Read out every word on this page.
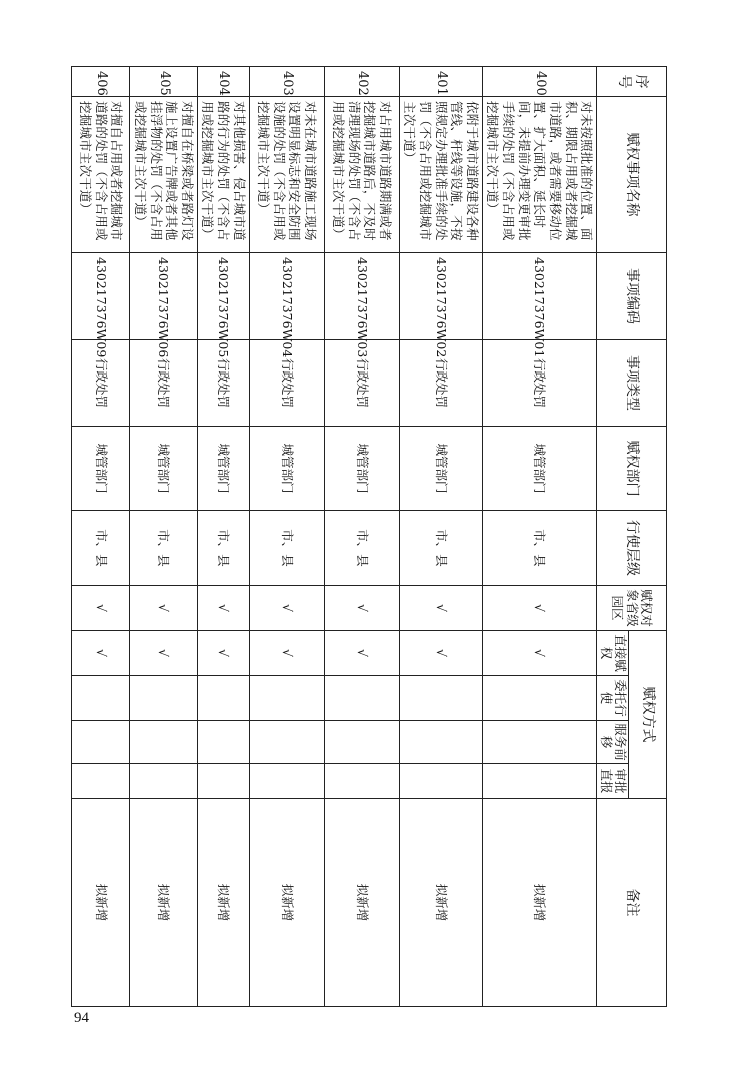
序号	赋权事项名称	事项编码	事项类型	赋权部门	行使层级	赋权对象省级园区	赋权方式				备注
							直接赋权	委托行使	服务前移	审批直报	
400	对未按照批准的位置、面积、期限占用或者挖掘城市道路，或者需要移动位置、扩大面积、延长时间，未提前办理变更审批手续的处罚（不含占用或挖掘城市主次干道）	430217376W01	行政处罚	城管部门	市、县	√	√				拟新增
401	依附于城市道路建设各种管线、杆线等设施，不按照规定办理批准手续的处罚（不含占用或挖掘城市主次干道）	430217376W02	行政处罚	城管部门	市、县	√	√				拟新增
402	对占用城市道路期满或者挖掘城市道路后，不及时清理现场的处罚（不含占用或挖掘城市主次干道）	430217376W03	行政处罚	城管部门	市、县	√	√				拟新增
403	对未在城市道路施工现场设置明显标志和安全防围设施的处罚（不含占用或挖掘城市主次干道）	430217376W04	行政处罚	城管部门	市、县	√	√				拟新增
404	对其他损害、侵占城市道路的行为的处罚（不含占用或挖掘城市主次干道）	430217376W05	行政处罚	城管部门	市、县	√	√				拟新增
405	对擅自在桥梁或者路灯设施上设置广告牌或者其他挂浮物的处罚（不含占用或挖掘城市主次干道）	430217376W06	行政处罚	城管部门	市、县	√	√				拟新增
406	对擅自占用或者挖掘城市道路的处罚（不含占用或挖掘城市主次干道）	430217376W09	行政处罚	城管部门	市、县	√	√				拟新增
94
